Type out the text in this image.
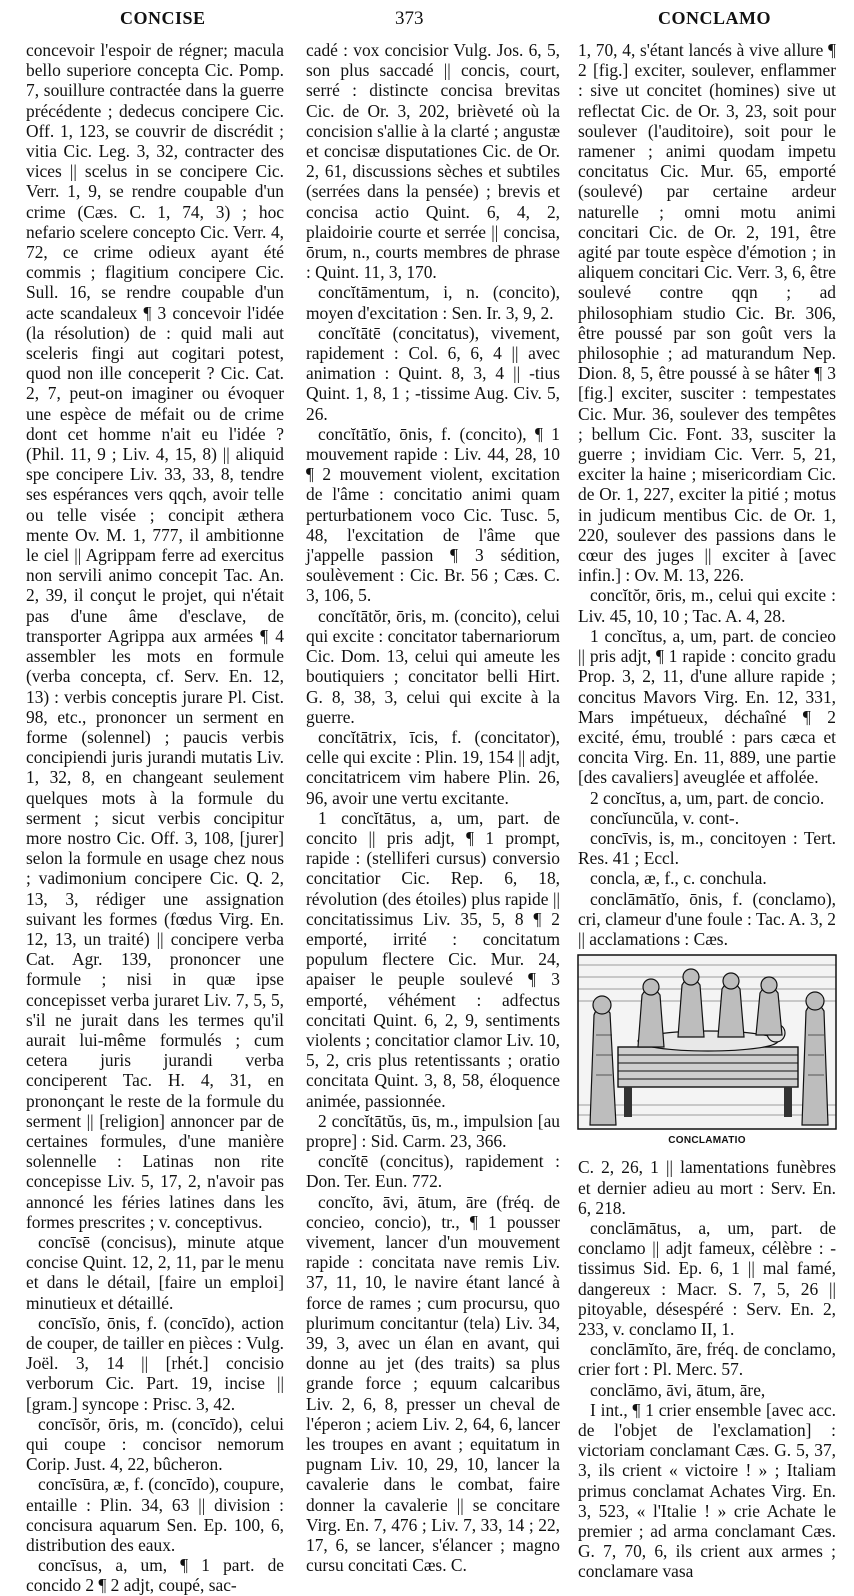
CONCISE	373	CONCLAMO

concevoir l'espoir de régner; macula bello superiore concepta Cic. Pomp. 7, souillure contractée dans la guerre précédente ; dedecus concipere Cic. Off. 1, 123, se couvrir de discrédit ; vitia Cic. Leg. 3, 32, contracter des vices || scelus in se concipere Cic. Verr. 1, 9, se rendre coupable d'un crime (Cæs. C. 1, 74, 3) ; hoc nefario scelere concepto Cic. Verr. 4, 72, ce crime odieux ayant été commis ; flagitium concipere Cic. Sull. 16, se rendre coupable d'un acte scandaleux ¶ 3 concevoir l'idée (la résolution) de : quid mali aut sceleris fingi aut cogitari potest, quod non ille conceperit ? Cic. Cat. 2, 7, peut-on imaginer ou évoquer une espèce de méfait ou de crime dont cet homme n'ait eu l'idée ? (Phil. 11, 9 ; Liv. 4, 15, 8) || aliquid spe concipere Liv. 33, 33, 8, tendre ses espérances vers qqch, avoir telle ou telle visée ; concipit æthera mente Ov. M. 1, 777, il ambitionne le ciel || Agrippam ferre ad exercitus non servili animo concepit Tac. An. 2, 39, il conçut le projet, qui n'était pas d'une âme d'esclave, de transporter Agrippa aux armées ¶ 4 assembler les mots en formule (verba concepta, cf. Serv. En. 12, 13) : verbis conceptis jurare Pl. Cist. 98, etc., prononcer un serment en forme (solennel) ; paucis verbis concipiendi juris jurandi mutatis Liv. 1, 32, 8, en changeant seulement quelques mots à la formule du serment ; sicut verbis concipitur more nostro Cic. Off. 3, 108, [jurer] selon la formule en usage chez nous ; vadimonium concipere Cic. Q. 2, 13, 3, rédiger une assignation suivant les formes (fœdus Virg. En. 12, 13, un traité) || concipere verba Cat. Agr. 139, prononcer une formule ; nisi in quæ ipse concepisset verba juraret Liv. 7, 5, 5, s'il ne jurait dans les termes qu'il aurait lui-même formulés ; cum cetera juris jurandi verba conciperent Tac. H. 4, 31, en prononçant le reste de la formule du serment || [religion] annoncer par de certaines formules, d'une manière solennelle : Latinas non rite concepisse Liv. 5, 17, 2, n'avoir pas annoncé les féries latines dans les formes prescrites ; v. conceptivus.

concīsē (concisus), minute atque concise Quint. 12, 2, 11, par le menu et dans le détail, [faire un emploi] minutieux et détaillé.

concīsĭo, ōnis, f. (concīdo), action de couper, de tailler en pièces : Vulg. Joël. 3, 14 || [rhét.] concisio verborum Cic. Part. 19, incise || [gram.] syncope : Prisc. 3, 42.

concīsŏr, ōris, m. (concīdo), celui qui coupe : concisor nemorum Corip. Just. 4, 22, bûcheron.

concīsūra, æ, f. (concīdo), coupure, entaille : Plin. 34, 63 || division : concisura aquarum Sen. Ep. 100, 6, distribution des eaux.

concīsus, a, um, ¶ 1 part. de concido 2 ¶ 2 adjt, coupé, sac-

cadé : vox concisior Vulg. Jos. 6, 5, son plus saccadé || concis, court, serré : distincte concisa brevitas Cic. de Or. 3, 202, brièveté où la concision s'allie à la clarté ; angustæ et concisæ disputationes Cic. de Or. 2, 61, discussions sèches et subtiles (serrées dans la pensée) ; brevis et concisa actio Quint. 6, 4, 2, plaidoirie courte et serrée || concisa, ōrum, n., courts membres de phrase : Quint. 11, 3, 170.

concĭtāmentum, i, n. (concito), moyen d'excitation : Sen. Ir. 3, 9, 2.

concĭtātē (concitatus), vivement, rapidement : Col. 6, 6, 4 || avec animation : Quint. 8, 3, 4 || -tius Quint. 1, 8, 1 ; -tissime Aug. Civ. 5, 26.

concĭtātĭo, ōnis, f. (concito), ¶ 1 mouvement rapide : Liv. 44, 28, 10 ¶ 2 mouvement violent, excitation de l'âme : concitatio animi quam perturbationem voco Cic. Tusc. 5, 48, l'excitation de l'âme que j'appelle passion ¶ 3 sédition, soulèvement : Cic. Br. 56 ; Cæs. C. 3, 106, 5.

concĭtātŏr, ōris, m. (concito), celui qui excite : concitator tabernariorum Cic. Dom. 13, celui qui ameute les boutiquiers ; concitator belli Hirt. G. 8, 38, 3, celui qui excite à la guerre.

concĭtātrix, īcis, f. (concitator), celle qui excite : Plin. 19, 154 || adjt, concitatricem vim habere Plin. 26, 96, avoir une vertu excitante.

1 concĭtātus, a, um, part. de concito || pris adjt, ¶ 1 prompt, rapide : (stelliferi cursus) conversio concitatior Cic. Rep. 6, 18, révolution (des étoiles) plus rapide || concitatissimus Liv. 35, 5, 8 ¶ 2 emporté, irrité : concitatum populum flectere Cic. Mur. 24, apaiser le peuple soulevé ¶ 3 emporté, véhément : adfectus concitati Quint. 6, 2, 9, sentiments violents ; concitatior clamor Liv. 10, 5, 2, cris plus retentissants ; oratio concitata Quint. 3, 8, 58, éloquence animée, passionnée.

2 concĭtātŭs, ūs, m., impulsion [au propre] : Sid. Carm. 23, 366.

concĭtē (concitus), rapidement : Don. Ter. Eun. 772.

concĭto, āvi, ātum, āre (fréq. de concieo, concio), tr., ¶ 1 pousser vivement, lancer d'un mouvement rapide : concitata nave remis Liv. 37, 11, 10, le navire étant lancé à force de rames ; cum procursu, quo plurimum concitantur (tela) Liv. 34, 39, 3, avec un élan en avant, qui donne au jet (des traits) sa plus grande force ; equum calcaribus Liv. 2, 6, 8, presser un cheval de l'éperon ; aciem Liv. 2, 64, 6, lancer les troupes en avant ; equitatum in pugnam Liv. 10, 29, 10, lancer la cavalerie dans le combat, faire donner la cavalerie || se concitare Virg. En. 7, 476 ; Liv. 7, 33, 14 ; 22, 17, 6, se lancer, s'élancer ; magno cursu concitati Cæs. C.

1, 70, 4, s'étant lancés à vive allure ¶ 2 [fig.] exciter, soulever, enflammer : sive ut concitet (homines) sive ut reflectat Cic. de Or. 3, 23, soit pour soulever (l'auditoire), soit pour le ramener ; animi quodam impetu concitatus Cic. Mur. 65, emporté (soulevé) par certaine ardeur naturelle ; omni motu animi concitari Cic. de Or. 2, 191, être agité par toute espèce d'émotion ; in aliquem concitari Cic. Verr. 3, 6, être soulevé contre qqn ; ad philosophiam studio Cic. Br. 306, être poussé par son goût vers la philosophie ; ad maturandum Nep. Dion. 8, 5, être poussé à se hâter ¶ 3 [fig.] exciter, susciter : tempestates Cic. Mur. 36, soulever des tempêtes ; bellum Cic. Font. 33, susciter la guerre ; invidiam Cic. Verr. 5, 21, exciter la haine ; misericordiam Cic. de Or. 1, 227, exciter la pitié ; motus in judicum mentibus Cic. de Or. 1, 220, soulever des passions dans le cœur des juges || exciter à [avec infin.] : Ov. M. 13, 226.

concĭtŏr, ōris, m., celui qui excite : Liv. 45, 10, 10 ; Tac. A. 4, 28.

1 concĭtus, a, um, part. de concieo || pris adjt, ¶ 1 rapide : concito gradu Prop. 3, 2, 11, d'une allure rapide ; concitus Mavors Virg. En. 12, 331, Mars impétueux, déchaîné ¶ 2 excité, ému, troublé : pars cæca et concita Virg. En. 11, 889, une partie [des cavaliers] aveuglée et affolée.

2 concĭtus, a, um, part. de concio.

concĭuncŭla, v. cont-.

concīvis, is, m., concitoyen : Tert. Res. 41 ; Eccl.

concla, æ, f., c. conchula.

conclāmātĭo, ōnis, f. (conclamo), cri, clameur d'une foule : Tac. A. 3, 2 || acclamations : Cæs.

CONCLAMATIO

C. 2, 26, 1 || lamentations funèbres et dernier adieu au mort : Serv. En. 6, 218.

conclāmātus, a, um, part. de conclamo || adjt fameux, célèbre : -tissimus Sid. Ep. 6, 1 || mal famé, dangereux : Macr. S. 7, 5, 26 || pitoyable, désespéré : Serv. En. 2, 233, v. conclamo II, 1.

conclāmĭto, āre, fréq. de conclamo, crier fort : Pl. Merc. 57.

conclāmo, āvi, ātum, āre,

I int., ¶ 1 crier ensemble [avec acc. de l'objet de l'exclamation] : victoriam conclamant Cæs. G. 5, 37, 3, ils crient « victoire ! » ; Italiam primus conclamat Achates Virg. En. 3, 523, « l'Italie ! » crie Achate le premier ; ad arma conclamant Cæs. G. 7, 70, 6, ils crient aux armes ; conclamare vasa
